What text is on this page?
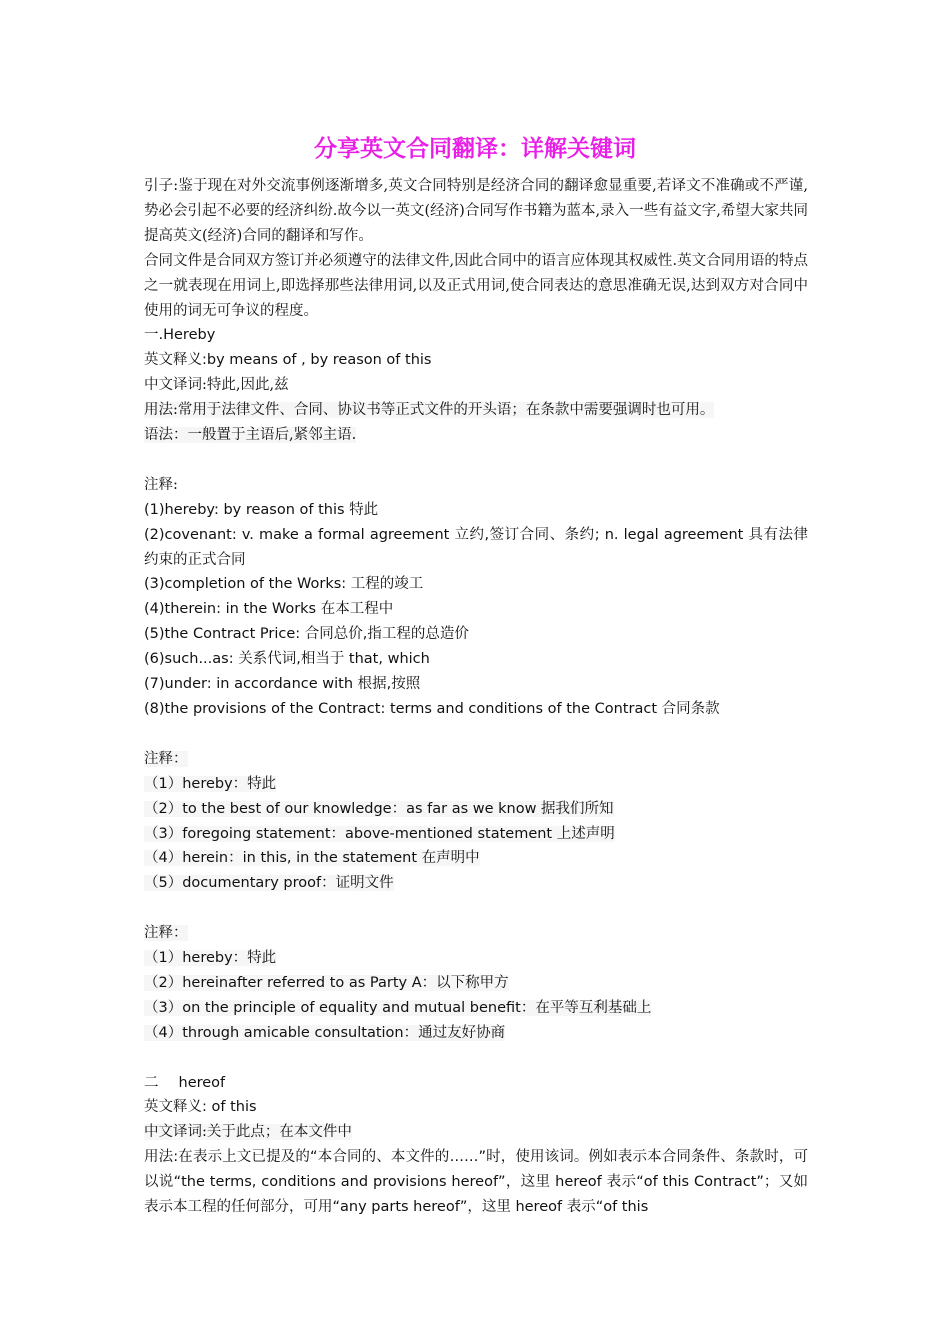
分享英文合同翻译：详解关键词

引子:鉴于现在对外交流事例逐渐增多,英文合同特别是经济合同的翻译愈显重要,若译文不准确或不严谨,势必会引起不必要的经济纠纷.故今以一英文(经济)合同写作书籍为蓝本,录入一些有益文字,希望大家共同提高英文(经济)合同的翻译和写作。

合同文件是合同双方签订并必须遵守的法律文件,因此合同中的语言应体现其权威性.英文合同用语的特点之一就表现在用词上,即选择那些法律用词,以及正式用词,使合同表达的意思准确无误,达到双方对合同中使用的词无可争议的程度。

一.Hereby

英文释义:by means of , by reason of this

中文译词:特此,因此,兹

用法:常用于法律文件、合同、协议书等正式文件的开头语；在条款中需要强调时也可用。

语法：一般置于主语后,紧邻主语.

注释:

(1)hereby: by reason of this 特此

(2)covenant: v. make a formal agreement 立约,签订合同、条约; n. legal agreement 具有法律约束的正式合同

(3)completion of the Works: 工程的竣工

(4)therein: in the Works 在本工程中

(5)the Contract Price: 合同总价,指工程的总造价

(6)such...as: 关系代词,相当于 that, which

(7)under: in accordance with 根据,按照

(8)the provisions of the Contract: terms and conditions of the Contract 合同条款

注释：

（1）hereby：特此

（2）to the best of our knowledge：as far as we know 据我们所知

（3）foregoing statement：above-mentioned statement 上述声明

（4）herein：in this, in the statement 在声明中

（5）documentary proof：证明文件

注释：

（1）hereby：特此

（2）hereinafter referred to as Party A：以下称甲方

（3）on the principle of equality and mutual benefit：在平等互利基础上

（4）through amicable consultation：通过友好协商

二 hereof

英文释义: of this

中文译词:关于此点；在本文件中

用法:在表示上文已提及的“本合同的、本文件的……”时，使用该词。例如表示本合同条件、条款时，可以说“the terms, conditions and provisions hereof”，这里 hereof 表示“of this Contract”；又如表示本工程的任何部分，可用“any parts hereof”，这里 hereof 表示“of this
